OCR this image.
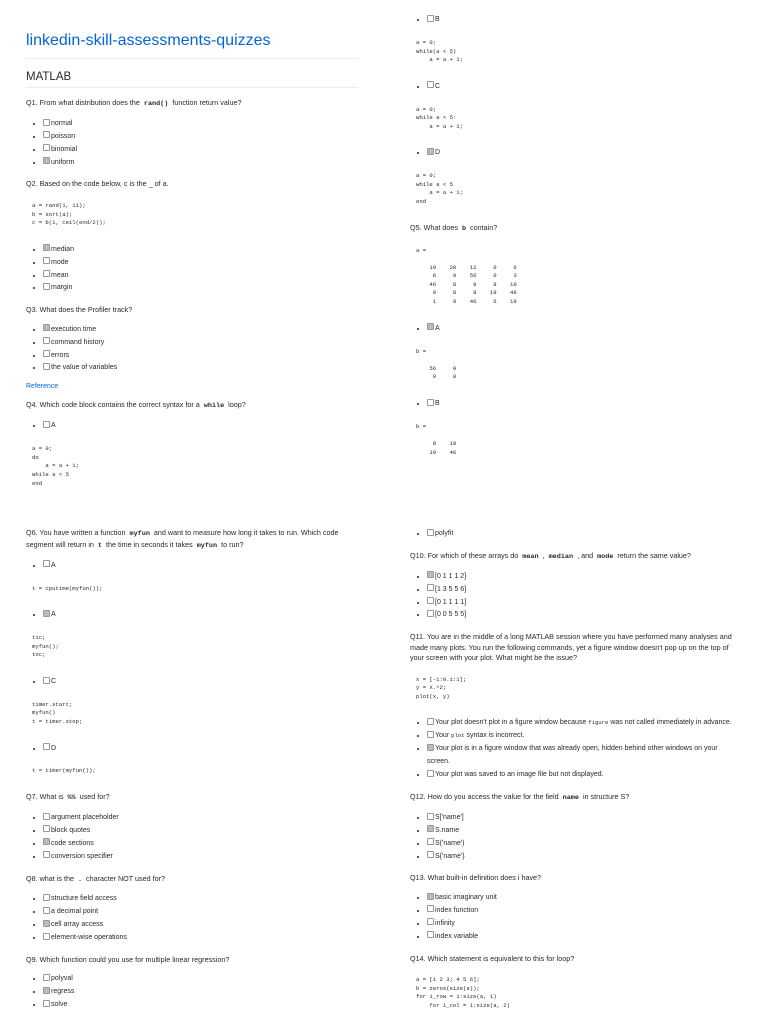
linkedin-skill-assessments-quizzes
MATLAB

Q1. From what distribution does the rand() function return value?

• normal
• poisson
• binomial
• uniform

Q2. Based on the code below, c is the _ of a.

a = rand(1, 11);
b = sort(a);
c = b(1, ceil(end/2));
• median
• mode
• mean
• margin

Q3. What does the Profiler track?

• execution time
• command history
• errors
• the value of variables

Reference

Q4. Which code block contains the correct syntax for a while loop?

• A
a = 0;
do
a = a + 1;
while a < 5
end
• B
a = 0;
while(a < 5)
a = a + 1;
• C
a = 0;
while a < 5:
a = a + 1;
• D
a = 0;
while a < 5
a = a + 1;
end

Q5. What does b contain?

a =

19    20    12     0     6
6     9    56     0     3
46     8     9     8    19
9     8     8    19    46
1     9    46     6    19
• A
b =

56     0
9     8
• B
b =

8    19
19    46

Q6. You have written a function myfun and want to measure how long it takes to run. Which code segment will return in t the time in seconds it takes myfun to run?

• A
t = cputime(myfun());
• A
tic;
myfun();
toc;
• C
timer.start;
myfun()
t = timer.stop;
• D
t = timer(myfun());

Q7. What is %% used for?

• argument placeholder
• block quotes
• code sections
• conversion specifier

Q8. what is the . character NOT used for?

• structure field access
• a decimal point
• cell array access
• element-wise operations

Q9. Which function could you use for multiple linear regression?

• polyval
• regress
• solve
• polyfit

Q10. For which of these arrays do mean , median , and mode return the same value?

• [0 1 1 1 2]
• [1 3 5 5 6]
• [0 1 1 1 1]
• [0 0 5 5 5]

Q11. You are in the middle of a long MATLAB session where you have performed many analyses and made many plots. You run the following commands, yet a figure window doesn't pop up on the top of your screen with your plot. What might be the issue?

x = [-1:0.1:1];
y = X.^2;
plot(x, y)
• Your plot doesn't plot in a figure window because figure was not called immediately in advance.
• Your plot syntax is incorrect.
• Your plot is in a figure window that was already open, hidden behind other windows on your screen.
• Your plot was saved to an image file but not displayed.

Q12. How do you access the value for the field name in structure S?

• S['name']
• S.name
• S('name')
• S{'name'}

Q13. What built-in definition does i have?

• basic imaginary unit
• index function
• infinity
• index variable

Q14. Which statement is equivalent to this for loop?

a = [1 2 3; 4 5 6];
b = zeros(size(a));
for i_row = 1:size(a, 1)
for i_col = 1:size(a, 2)
